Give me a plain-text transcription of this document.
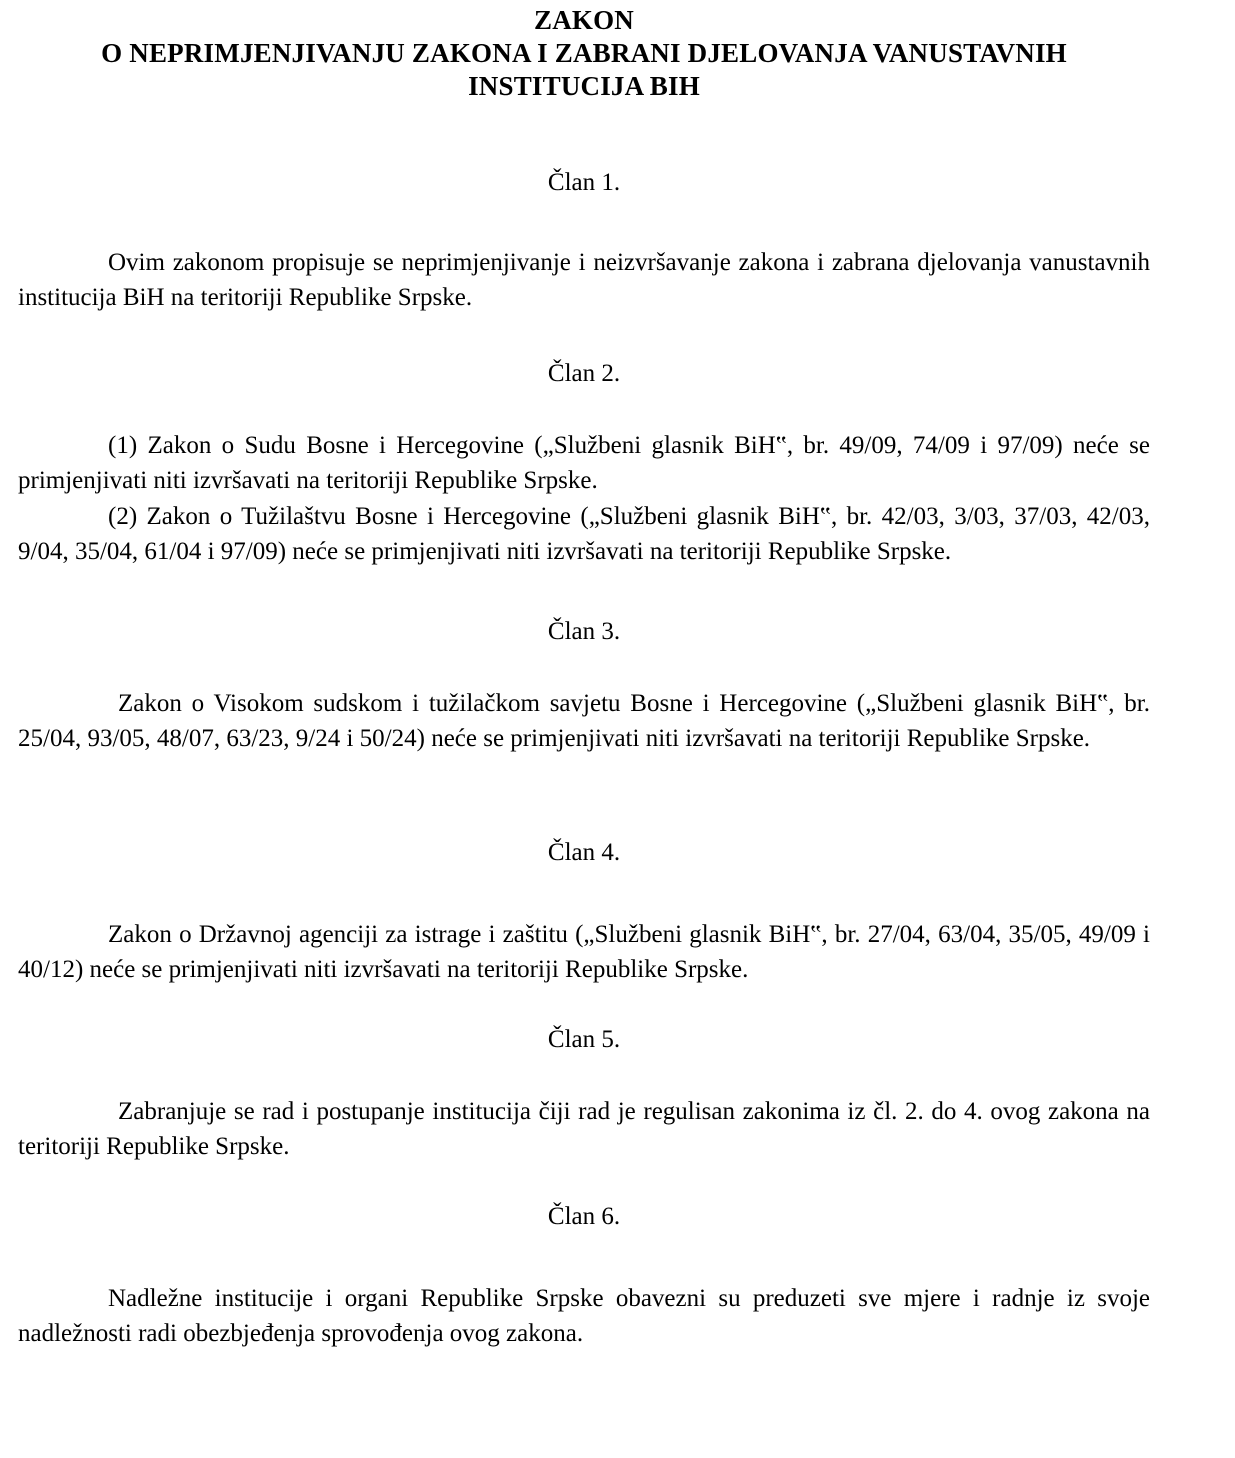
ZAKON
O NEPRIMJENJIVANJU ZAKONA I ZABRANI DJELOVANJA VANUSTAVNIH
INSTITUCIJA BIH
Član 1.

Ovim zakonom propisuje se neprimjenjivanje i neizvršavanje zakona i zabrana djelovanja vanustavnih institucija BiH na teritoriji Republike Srpske.

Član 2.

(1) Zakon o Sudu Bosne i Hercegovine („Službeni glasnik BiH‟, br. 49/09, 74/09 i 97/09) neće se primjenjivati niti izvršavati na teritoriji Republike Srpske.

(2) Zakon o Tužilaštvu Bosne i Hercegovine („Službeni glasnik BiH‟, br. 42/03, 3/03, 37/03, 42/03, 9/04, 35/04, 61/04 i 97/09) neće se primjenjivati niti izvršavati na teritoriji Republike Srpske.

Član 3.

Zakon o Visokom sudskom i tužilačkom savjetu Bosne i Hercegovine („Službeni glasnik BiH‟, br. 25/04, 93/05, 48/07, 63/23, 9/24 i 50/24) neće se primjenjivati niti izvršavati na teritoriji Republike Srpske.

Član 4.

Zakon o Državnoj agenciji za istrage i zaštitu („Službeni glasnik BiH‟, br. 27/04, 63/04, 35/05, 49/09 i 40/12) neće se primjenjivati niti izvršavati na teritoriji Republike Srpske.

Član 5.

Zabranjuje se rad i postupanje institucija čiji rad je regulisan zakonima iz čl. 2. do 4. ovog zakona na teritoriji Republike Srpske.

Član 6.

Nadležne institucije i organi Republike Srpske obavezni su preduzeti sve mjere i radnje iz svoje nadležnosti radi obezbjeđenja sprovođenja ovog zakona.
